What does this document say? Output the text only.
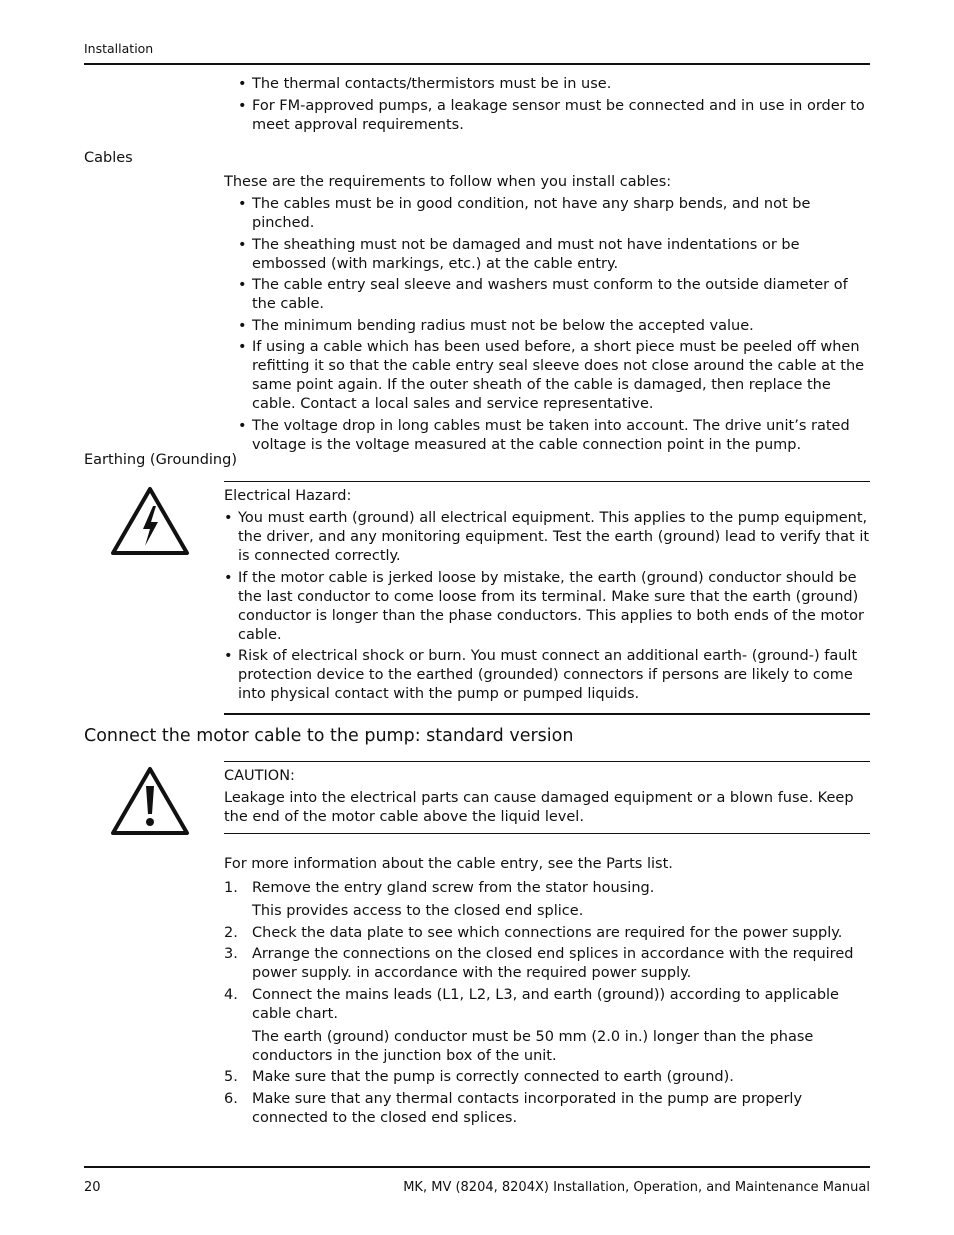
Installation
• The thermal contacts/thermistors must be in use.
• For FM-approved pumps, a leakage sensor must be connected and in use in order to meet approval requirements.
Cables
These are the requirements to follow when you install cables:
• The cables must be in good condition, not have any sharp bends, and not be pinched.
• The sheathing must not be damaged and must not have indentations or be embossed (with markings, etc.) at the cable entry.
• The cable entry seal sleeve and washers must conform to the outside diameter of the cable.
• The minimum bending radius must not be below the accepted value.
• If using a cable which has been used before, a short piece must be peeled off when refitting it so that the cable entry seal sleeve does not close around the cable at the same point again. If the outer sheath of the cable is damaged, then replace the cable. Contact a local sales and service representative.
• The voltage drop in long cables must be taken into account. The drive unit’s rated voltage is the voltage measured at the cable connection point in the pump.
Earthing (Grounding)
Electrical Hazard:
• You must earth (ground) all electrical equipment. This applies to the pump equipment, the driver, and any monitoring equipment. Test the earth (ground) lead to verify that it is connected correctly.
• If the motor cable is jerked loose by mistake, the earth (ground) conductor should be the last conductor to come loose from its terminal. Make sure that the earth (ground) conductor is longer than the phase conductors. This applies to both ends of the motor cable.
• Risk of electrical shock or burn. You must connect an additional earth- (ground-) fault protection device to the earthed (grounded) connectors if persons are likely to come into physical contact with the pump or pumped liquids.
Connect the motor cable to the pump: standard version
CAUTION:
Leakage into the electrical parts can cause damaged equipment or a blown fuse. Keep the end of the motor cable above the liquid level.
For more information about the cable entry, see the Parts list.
1. Remove the entry gland screw from the stator housing.
This provides access to the closed end splice.
2. Check the data plate to see which connections are required for the power supply.
3. Arrange the connections on the closed end splices in accordance with the required power supply. in accordance with the required power supply.
4. Connect the mains leads (L1, L2, L3, and earth (ground)) according to applicable cable chart.
The earth (ground) conductor must be 50 mm (2.0 in.) longer than the phase conductors in the junction box of the unit.
5. Make sure that the pump is correctly connected to earth (ground).
6. Make sure that any thermal contacts incorporated in the pump are properly connected to the closed end splices.
20	MK, MV (8204, 8204X) Installation, Operation, and Maintenance Manual
